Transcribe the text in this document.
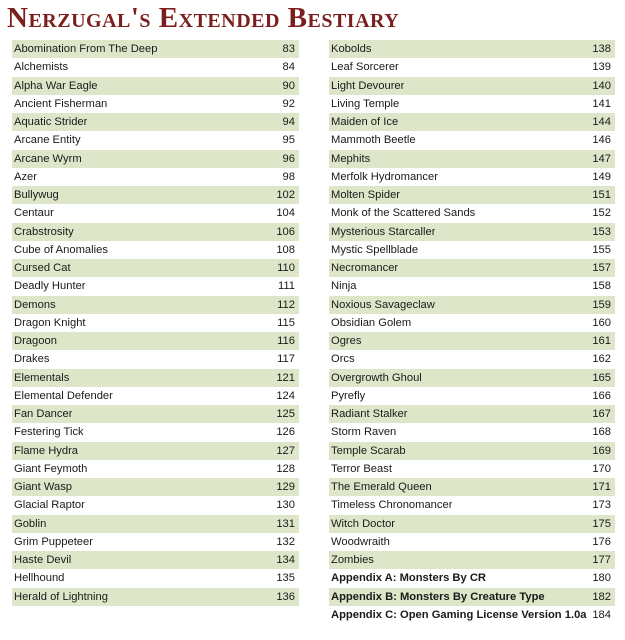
Nerzugal's Extended Bestiary
Abomination From The Deep	83
Alchemists	84
Alpha War Eagle	90
Ancient Fisherman	92
Aquatic Strider	94
Arcane Entity	95
Arcane Wyrm	96
Azer	98
Bullywug	102
Centaur	104
Crabstrosity	106
Cube of Anomalies	108
Cursed Cat	110
Deadly Hunter	111
Demons	112
Dragon Knight	115
Dragoon	116
Drakes	117
Elementals	121
Elemental Defender	124
Fan Dancer	125
Festering Tick	126
Flame Hydra	127
Giant Feymoth	128
Giant Wasp	129
Glacial Raptor	130
Goblin	131
Grim Puppeteer	132
Haste Devil	134
Hellhound	135
Herald of Lightning	136
Kobolds	138
Leaf Sorcerer	139
Light Devourer	140
Living Temple	141
Maiden of Ice	144
Mammoth Beetle	146
Mephits	147
Merfolk Hydromancer	149
Molten Spider	151
Monk of the Scattered Sands	152
Mysterious Starcaller	153
Mystic Spellblade	155
Necromancer	157
Ninja	158
Noxious Savageclaw	159
Obsidian Golem	160
Ogres	161
Orcs	162
Overgrowth Ghoul	165
Pyrefly	166
Radiant Stalker	167
Storm Raven	168
Temple Scarab	169
Terror Beast	170
The Emerald Queen	171
Timeless Chronomancer	173
Witch Doctor	175
Woodwraith	176
Zombies	177
Appendix A: Monsters By CR	180
Appendix B: Monsters By Creature Type	182
Appendix C: Open Gaming License Version 1.0a 184
